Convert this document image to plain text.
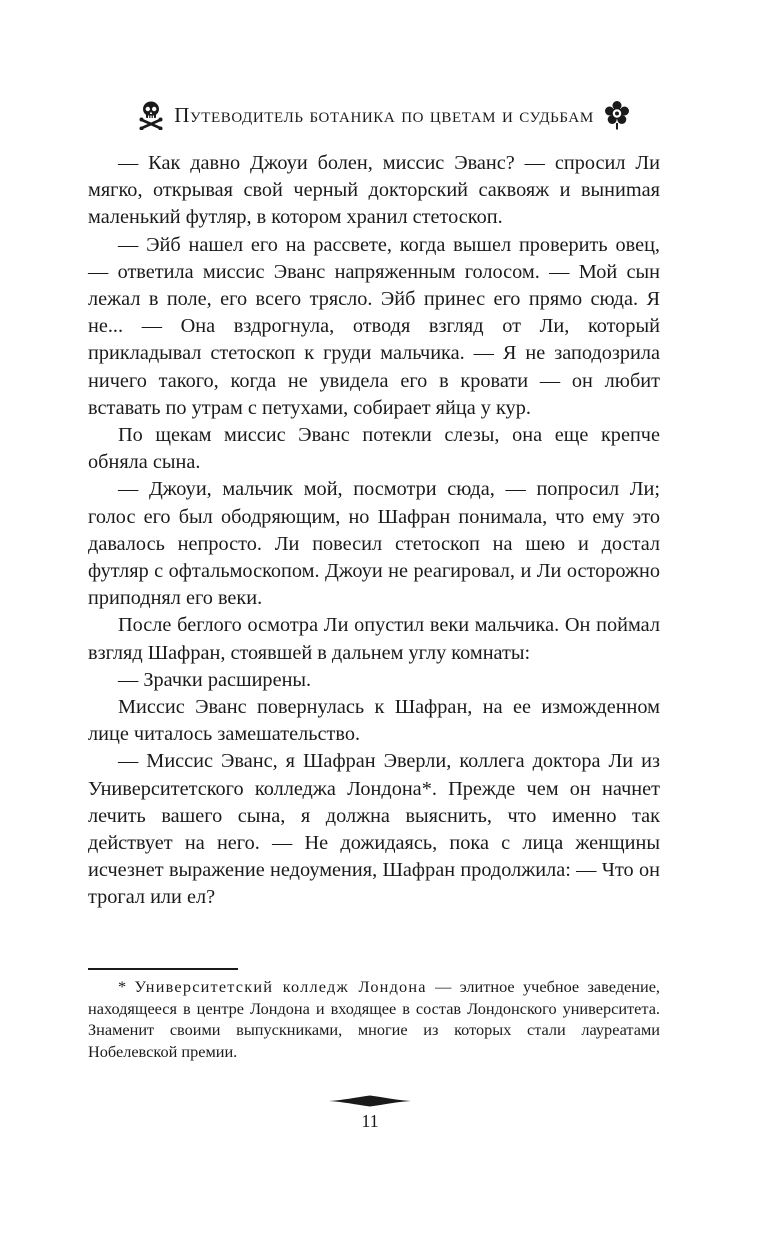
Путеводитель ботаника по цветам и судьбам

— Как давно Джоуи болен, миссис Эванс? — спросил Ли мягко, открывая свой черный докторский саквояж и выниmая маленький футляр, в котором хранил стетоскоп.

— Эйб нашел его на рассвете, когда вышел проверить овец, — ответила миссис Эванс напряженным голосом. — Мой сын лежал в поле, его всего трясло. Эйб принес его прямо сюда. Я не... — Она вздрогнула, отводя взгляд от Ли, который прикладывал стетоскоп к груди мальчика. — Я не заподозрила ничего такого, когда не увидела его в кровати — он любит вставать по утрам с петухами, собирает яйца у кур.

По щекам миссис Эванс потекли слезы, она еще крепче обняла сына.

— Джоуи, мальчик мой, посмотри сюда, — попросил Ли; голос его был ободряющим, но Шафран понимала, что ему это давалось непросто. Ли повесил стетоскоп на шею и достал футляр с офтальмоскопом. Джоуи не реагировал, и Ли осторожно приподнял его веки.

После беглого осмотра Ли опустил веки мальчика. Он поймал взгляд Шафран, стоявшей в дальнем углу комнаты:

— Зрачки расширены.

Миссис Эванс повернулась к Шафран, на ее изможденном лице читалось замешательство.

— Миссис Эванс, я Шафран Эверли, коллега доктора Ли из Университетского колледжа Лондона*. Прежде чем он начнет лечить вашего сына, я должна выяснить, что именно так действует на него. — Не дожидаясь, пока с лица женщины исчезнет выражение недоумения, Шафран продолжила: — Что он трогал или ел?

* Университетский колледж Лондона — элитное учебное заведение, находящееся в центре Лондона и входящее в состав Лондонского университета. Знаменит своими выпускниками, многие из которых стали лауреатами Нобелевской премии.

11
